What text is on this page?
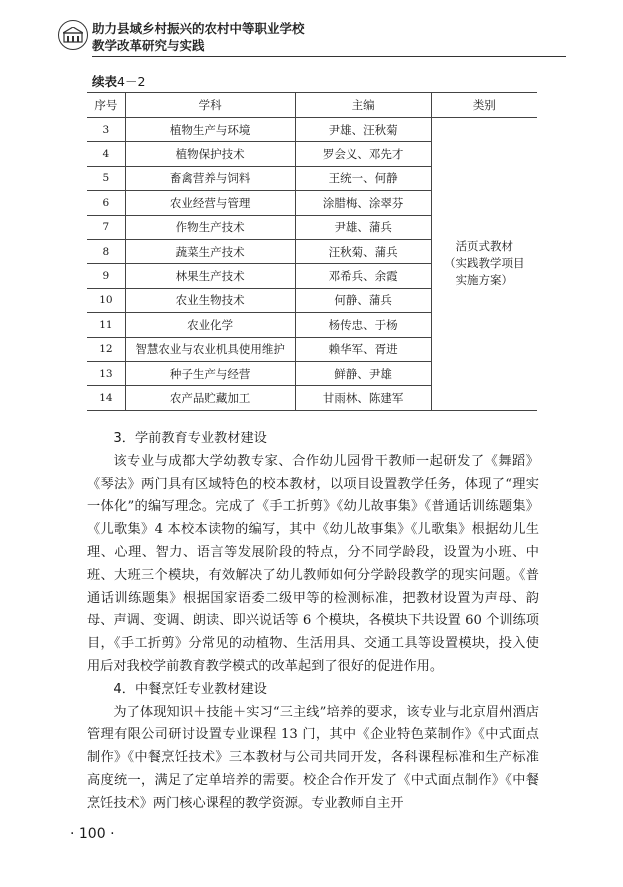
助力县域乡村振兴的农村中等职业学校
教学改革研究与实践
续表4－2
序号	学科	主编	类别
3	植物生产与环境	尹雄、汪秋菊	活页式教材
（实践教学项目
实施方案）

4	植物保护技术	罗会义、邓先才	
5	畜禽营养与饲料	王统一、何静	
6	农业经营与管理	涂腊梅、涂翠芬	
7	作物生产技术	尹雄、蒲兵	
8	蔬菜生产技术	汪秋菊、蒲兵	
9	林果生产技术	邓希兵、余霞	
10	农业生物技术	何静、蒲兵	
11	农业化学	杨传忠、于杨	
12	智慧农业与农业机具使用维护	赖华军、胥进	
13	种子生产与经营	鲜静、尹雄	
14	农产品贮藏加工	甘雨林、陈建军	

3．学前教育专业教材建设

该专业与成都大学幼教专家、合作幼儿园骨干教师一起研发了《舞蹈》《琴法》两门具有区域特色的校本教材，以项目设置教学任务，体现了“理实一体化”的编写理念。完成了《手工折剪》《幼儿故事集》《普通话训练题集》《儿歌集》4 本校本读物的编写，其中《幼儿故事集》《儿歌集》根据幼儿生理、心理、智力、语言等发展阶段的特点，分不同学龄段，设置为小班、中班、大班三个模块，有效解决了幼儿教师如何分学龄段教学的现实问题。《普通话训练题集》根据国家语委二级甲等的检测标准，把教材设置为声母、韵母、声调、变调、朗读、即兴说话等 6 个模块，各模块下共设置 60 个训练项目，《手工折剪》分常见的动植物、生活用具、交通工具等设置模块，投入使用后对我校学前教育教学模式的改革起到了很好的促进作用。

4．中餐烹饪专业教材建设

为了体现知识＋技能＋实习“三主线”培养的要求，该专业与北京眉州酒店管理有限公司研讨设置专业课程 13 门，其中《企业特色菜制作》《中式面点制作》《中餐烹饪技术》三本教材与公司共同开发，各科课程标准和生产标准高度统一，满足了定单培养的需要。校企合作开发了《中式面点制作》《中餐烹饪技术》两门核心课程的教学资源。专业教师自主开

· 100 ·
